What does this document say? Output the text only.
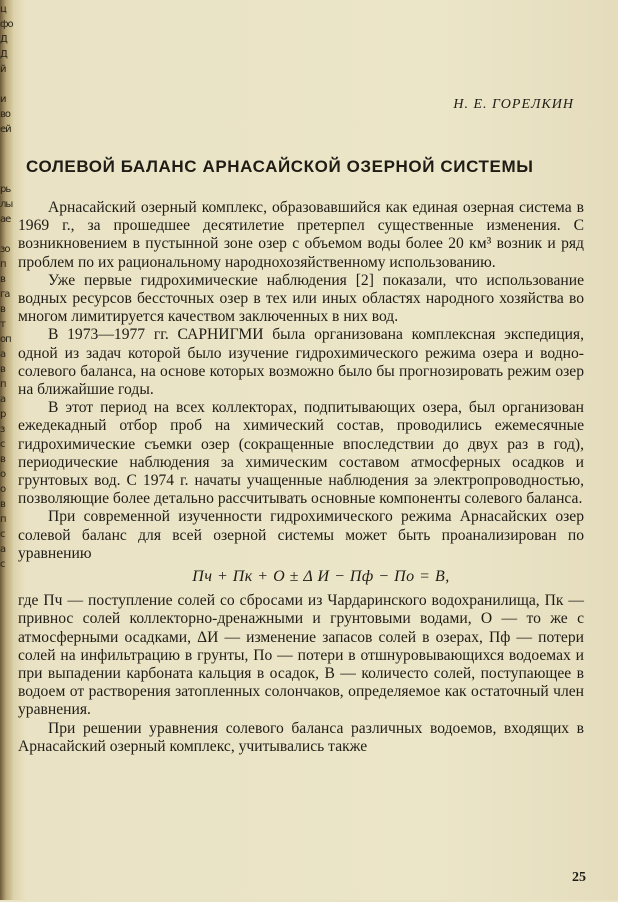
ц
фо
Д
Д
й

и
во
ей

рь
лы
ае

зо
п
в
га
в
т
оп
а
в
п
а
р
з
с
в
о
о
в
п
с
а
с
Н. Е. ГОРЕЛКИН
СОЛЕВОЙ БАЛАНС АРНАСАЙСКОЙ ОЗЕРНОЙ СИСТЕМЫ

Арнасайский озерный комплекс, образовавшийся как единая озерная система в 1969 г., за прошедшее десятилетие претерпел существенные изменения. С возникновением в пустынной зоне озер с объемом воды более 20 км³ возник и ряд проблем по их рациональному народнохозяйственному использованию.

Уже первые гидрохимические наблюдения [2] показали, что использование водных ресурсов бессточных озер в тех или иных областях народного хозяйства во многом лимитируется качеством заключенных в них вод.

В 1973—1977 гг. САРНИГМИ была организована комплексная экспедиция, одной из задач которой было изучение гидрохимического режима озера и водно-солевого баланса, на основе которых возможно было бы прогнозировать режим озер на ближайшие годы.

В этот период на всех коллекторах, подпитывающих озера, был организован ежедекадный отбор проб на химический состав, проводились ежемесячные гидрохимические съемки озер (сокращенные впоследствии до двух раз в год), периодические наблюдения за химическим составом атмосферных осадков и грунтовых вод. С 1974 г. начаты учащенные наблюдения за электропроводностью, позволяющие более детально рассчитывать основные компоненты солевого баланса.

При современной изученности гидрохимического режима Арнасайских озер солевой баланс для всей озерной системы может быть проанализирован по уравнению

Пч + Пк + О ± Δ И − Пф − По = В,

где Пч — поступление солей со сбросами из Чардаринского водохранилища, Пк — привнос солей коллекторно-дренажными и грунтовыми водами, О — то же с атмосферными осадками, ΔИ — изменение запасов солей в озерах, Пф — потери солей на инфильтрацию в грунты, По — потери в отшнуровывающихся водоемах и при выпадении карбоната кальция в осадок, В — количесто солей, поступающее в водоем от растворения затопленных солончаков, определяемое как остаточный член уравнения.

При решении уравнения солевого баланса различных водоемов, входящих в Арнасайский озерный комплекс, учитывались также

25
